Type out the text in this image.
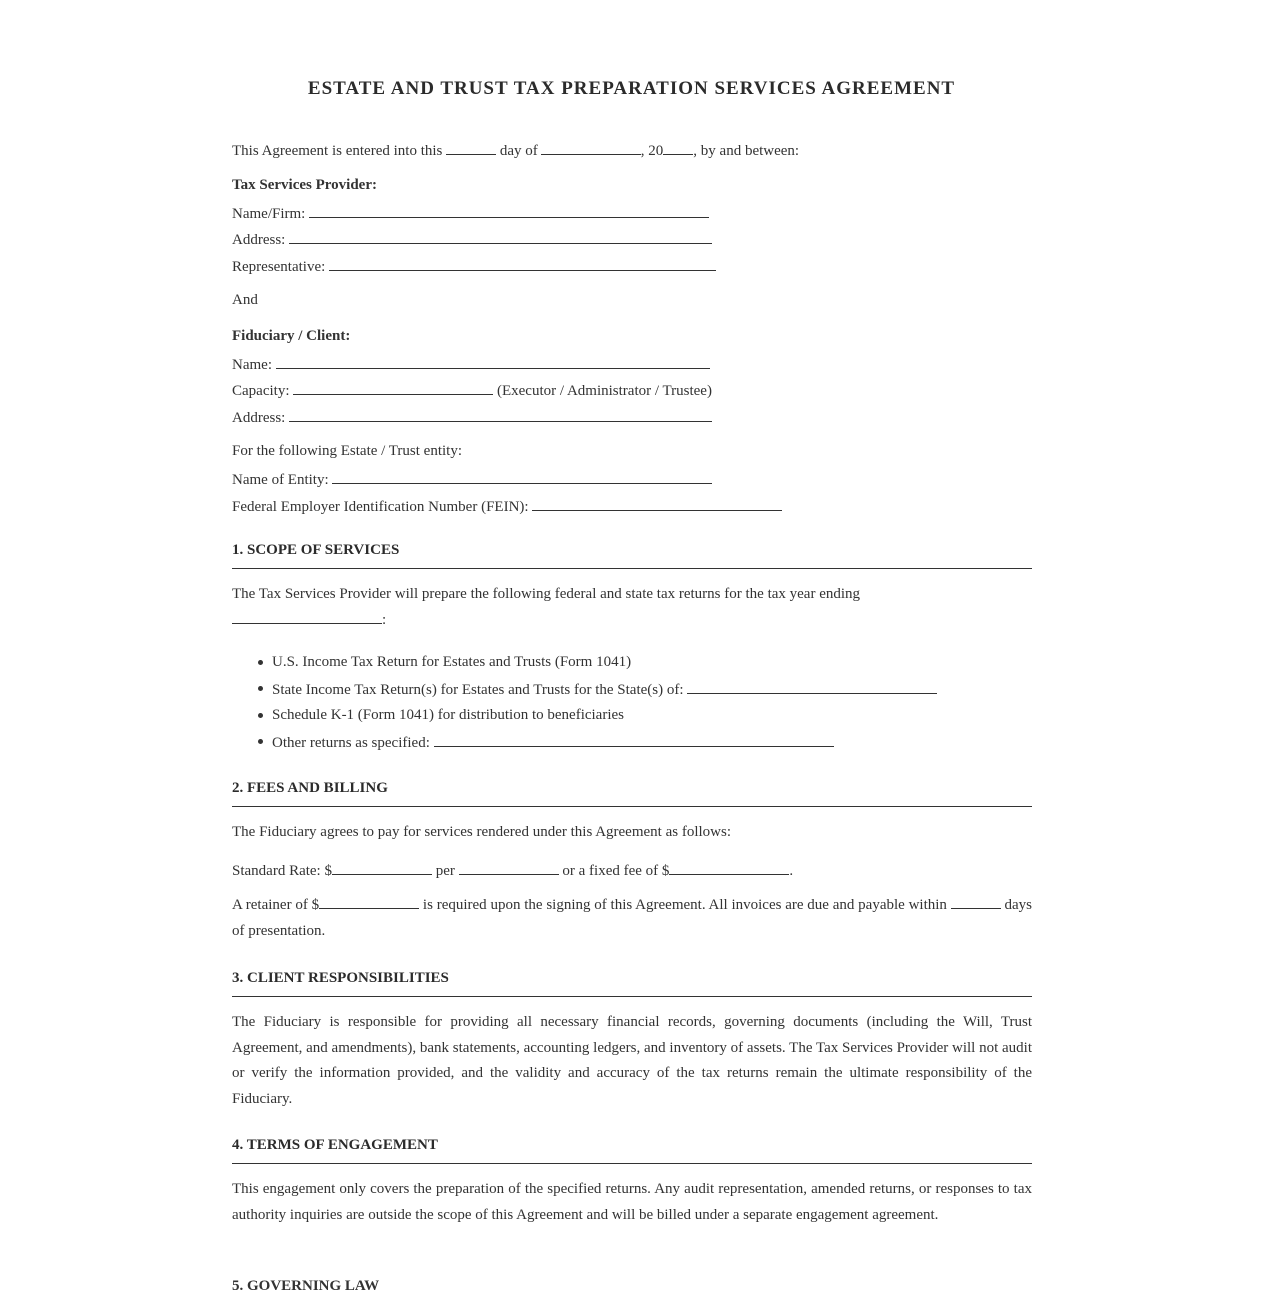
ESTATE AND TRUST TAX PREPARATION SERVICES AGREEMENT
This Agreement is entered into this	day of	, 20 , by and between:
Tax Services Provider:
Name/Firm:
Address:
Representative:
And
Fiduciary / Client:
Name:
Capacity:	(Executor / Administrator / Trustee)
Address:
For the following Estate / Trust entity:
Name of Entity:
Federal Employer Identification Number (FEIN):
1. SCOPE OF SERVICES

The Tax Services Provider will prepare the following federal and state tax returns for the tax year ending
:

U.S. Income Tax Return for Estates and Trusts (Form 1041)
State Income Tax Return(s) for Estates and Trusts for the State(s) of:
Schedule K-1 (Form 1041) for distribution to beneficiaries
Other returns as specified:
2. FEES AND BILLING
The Fiduciary agrees to pay for services rendered under this Agreement as follows:
Standard Rate: $	per	or a fixed fee of $	.

A retainer of $	is required upon the signing of this Agreement. All invoices are due and payable within	days of presentation.

3. CLIENT RESPONSIBILITIES

The Fiduciary is responsible for providing all necessary financial records, governing documents (including the Will, Trust Agreement, and amendments), bank statements, accounting ledgers, and inventory of assets. The Tax Services Provider will not audit or verify the information provided, and the validity and accuracy of the tax returns remain the ultimate responsibility of the Fiduciary.

4. TERMS OF ENGAGEMENT

This engagement only covers the preparation of the specified returns. Any audit representation, amended returns, or responses to tax authority inquiries are outside the scope of this Agreement and will be billed under a separate engagement agreement.

5. GOVERNING LAW
